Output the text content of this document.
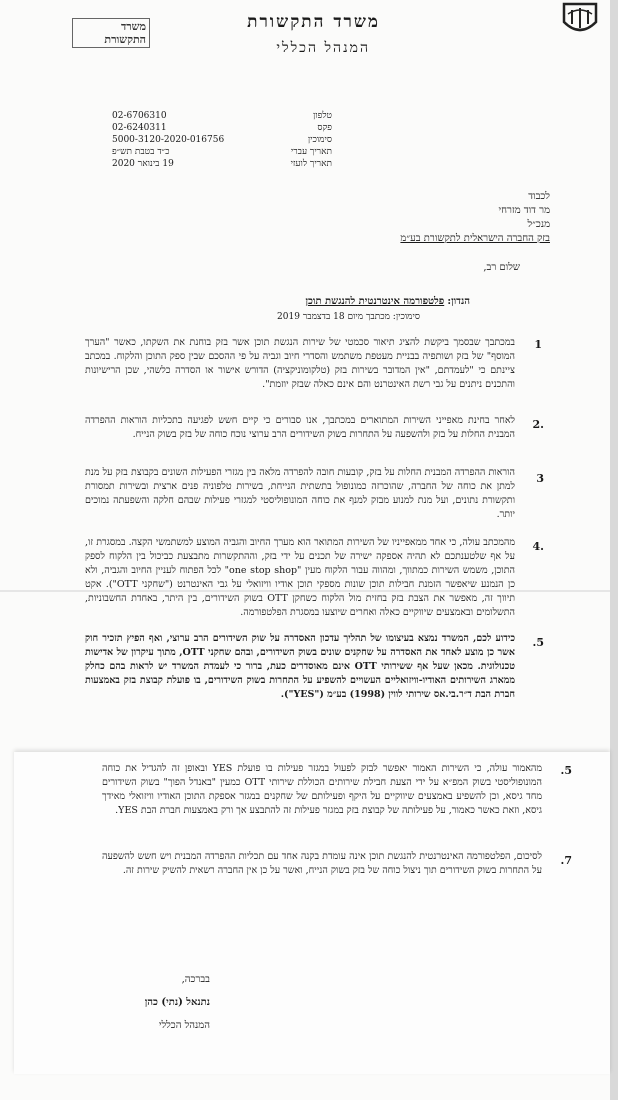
משרד התקשורת

המנהל הכללי

משרד התקשורת

טלפון
פקס
סימוכין
תאריך עברי
תאריך לועזי
02-6706310
02-6240311
5000-3120-2020-016756
כ״ד בטבת תש״פ
19 בינואר 2020
לכבוד
מר דוד מזרחי
מנכ״ל
בזק החברה הישראלית לתקשורת בע״מ

שלום רב,

הנדון: פלטפורמה אינטרנטית להנגשת תוכן

סימוכין: מכתבך מיום 18 בדצמבר 2019

1

במכתבך שבסמך ביקשת להציג תיאור סכמטי של שירות הנגשת תוכן אשר בזק בוחנת את השקתו, כאשר "הערך המוסף" של בזק ושותפיה בבניית מעטפת משתמש והסדרי חיוב וגביה על פי ההסכם שבין ספק התוכן והלקוח. במכתב ציינתם כי "לעמדתם, "אין המדובר בשירות בזק (טלקומוניקציה) הדורש אישור או הסדרה כלשהי, שכן הרישיונות והתכנים ניתנים על גבי רשת האינטרנט והם אינם כאלה שבזק יוזמת".

2.

לאחר בחינת מאפייני השירות המתוארים במכתבך, אנו סבורים כי קיים חשש לפגיעה בתכליות הוראות ההפרדה המבנית החלות על בזק ולהשפעה על התחרות בשוק השידורים הרב ערוצי נוכח כוחה של בזק בשוק הנייח.

3

הוראות ההפרדה המבנית החלות על בזק, קובעות חובה להפרדה מלאה בין מגזרי הפעילות השונים בקבוצת בזק על מנת למתן את כוחה של החברה, שהוכרזה כמונופול בתשתית הנייחת, בשירות טלפוניה פנים ארצית ובשירות תמסורת ותקשורת נתונים, ועל מנת למנוע מבזק למנף את כוחה המונופוליסטי למגזרי פעילות שבהם חלקה והשפעתה נמוכים יותר.

4.

מהמכתב עולה, כי אחד ממאפייניו של השירות המתואר הוא מערך החיוב והגביה המוצע למשתמשי הקצה. במסגרת זו, על אף שלטענתכם לא תהיה אספקה ישירה של תכנים על ידי בזק, וההתקשרות מתבצעת כביכול בין הלקוח לספק התוכן, משמש השירות כמתווך, ומהווה עבור הלקוח מעין "one stop shop" לכל הפתוח לעניין החיוב והגביה, ולא כן הנמנע שיאפשר הזמנת חבילות תוכן שונות מספקי תוכן אודיו וויזואלי על גבי האינטרנט ("שחקני OTT"). אקט תיווך זה, מאפשר את הצבת בזק בחזית מול הלקוח כשחקן OTT בשוק השידורים, בין היתר, באחדת החשבוניות, התשלומים ובאמצעים שיווקיים כאלה ואחרים שיוצעו במסגרת הפלטפורמה.

.5

כידוע לכם, המשרד נמצא בעיצומו של תהליך עדכון האסדרה על שוק השידורים הרב ערוצי, ואף הפיץ תזכיר חוק אשר כן מוצע לאחד את האסדרה על שחקנים שונים בשוק השידורים, ובהם שחקני OTT, מתוך עיקרון של אדישות טכנולוגית. מכאן שעל אף ששירותי OTT אינם מאוסדרים כעת, ברור כי לעמדת המשרד יש לראות בהם כחלק ממארג השירותים האודיו-וויזואליים העשויים להשפיע על התחרות בשוק השידורים, בו פועלת קבוצת בזק באמצעות חברת הבת ד״ר.בי.אס שירותי לווין (1998) בע״מ ("YES").

.5

מהאמור עולה, כי השירות האמור יאפשר לבזק לפעול במגזר פעילות בו פועלת YES ובאופן זה להגדיל את כוחה המונופוליסטי בשוק המפ״א על ידי הצעת חבילת שירותים הכוללת שירותי OTT כמעין "באנדל הפוך" בשוק השידורים מחד גיסא, וכן להשפיע באמצעים שיווקיים על היקף ופעילותם של שחקנים במגזר אספקת התוכן האודיו וויזואלי מאידך גיסא, וזאת כאשר כאמור, על פעילותה של קבוצת בזק במגזר פעילות זה להתבצע אך ורק באמצעות חברת הבת YES.

.7

לסיכום, הפלטפורמה האינטרנטית להנגשת תוכן אינה עומדת בקנה אחד עם תכליות ההפרדה המבנית ויש חשש להשפעה על התחרות בשוק השידורים תוך ניצול כוחה של בזק בשוק הנייח, ואשר על כן אין החברה רשאית להשיק שירות זה.

בברכה,
נתנאל (נתי) כהן
המנהל הכללי
